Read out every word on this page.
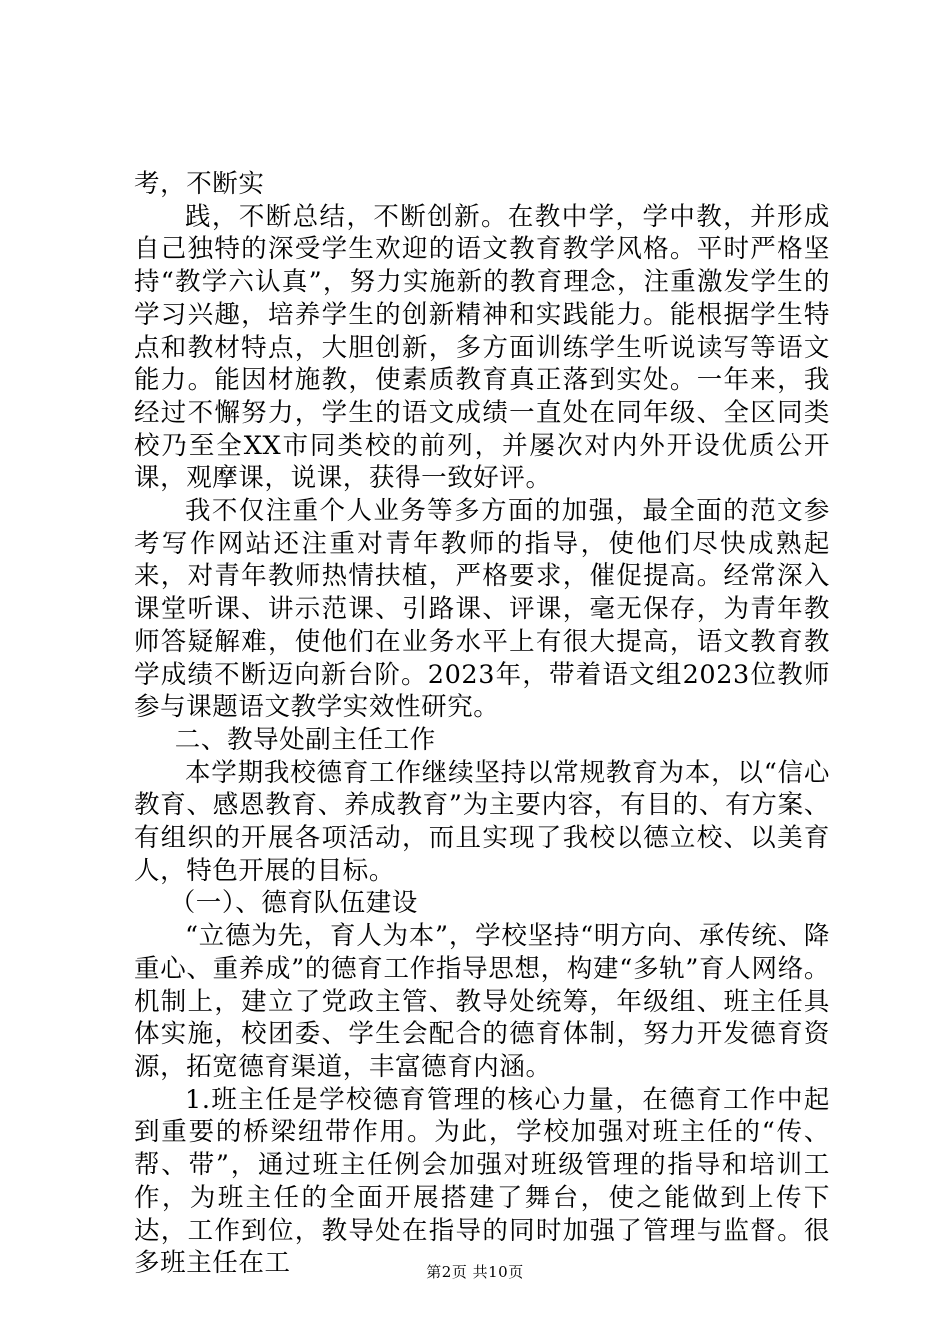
考，不断实

践，不断总结，不断创新。在教中学，学中教，并形成自己独特的深受学生欢迎的语文教育教学风格。平时严格坚持“教学六认真”，努力实施新的教育理念，注重激发学生的学习兴趣，培养学生的创新精神和实践能力。能根据学生特点和教材特点，大胆创新，多方面训练学生听说读写等语文能力。能因材施教，使素质教育真正落到实处。一年来，我经过不懈努力，学生的语文成绩一直处在同年级、全区同类校乃至全XX市同类校的前列，并屡次对内外开设优质公开课，观摩课，说课，获得一致好评。

我不仅注重个人业务等多方面的加强，最全面的范文参考写作网站还注重对青年教师的指导，使他们尽快成熟起来，对青年教师热情扶植，严格要求，催促提高。经常深入课堂听课、讲示范课、引路课、评课，毫无保存，为青年教师答疑解难，使他们在业务水平上有很大提高，语文教育教学成绩不断迈向新台阶。2023年，带着语文组2023位教师参与课题语文教学实效性研究。

二、教导处副主任工作

本学期我校德育工作继续坚持以常规教育为本，以“信心教育、感恩教育、养成教育”为主要内容，有目的、有方案、有组织的开展各项活动，而且实现了我校以德立校、以美育人，特色开展的目标。

（一）、德育队伍建设

“立德为先，育人为本”，学校坚持“明方向、承传统、降重心、重养成”的德育工作指导思想，构建“多轨”育人网络。机制上，建立了党政主管、教导处统筹，年级组、班主任具体实施，校团委、学生会配合的德育体制，努力开发德育资源，拓宽德育渠道，丰富德育内涵。

1.班主任是学校德育管理的核心力量，在德育工作中起到重要的桥梁纽带作用。为此，学校加强对班主任的“传、帮、带”，通过班主任例会加强对班级管理的指导和培训工作，为班主任的全面开展搭建了舞台，使之能做到上传下达，工作到位，教导处在指导的同时加强了管理与监督。很多班主任在工	第2页 共10页
